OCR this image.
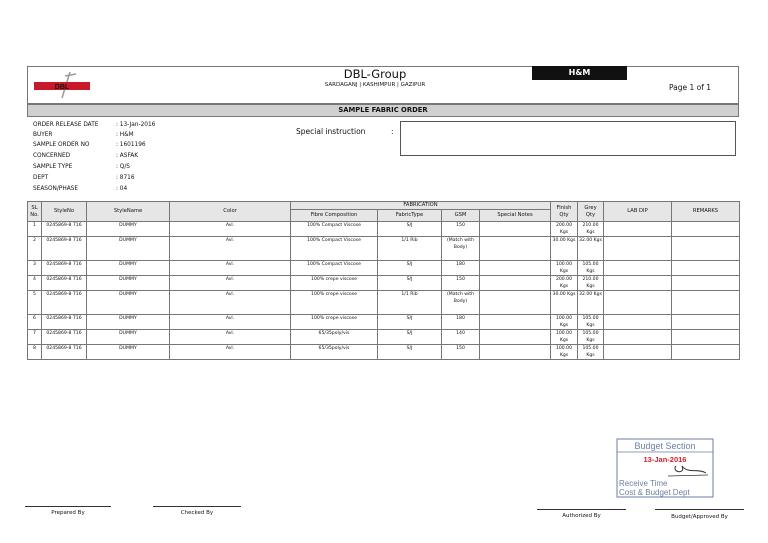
DBL
DBL-Group
SARDAGANJ | KASHIMPUR | GAZIPUR
H&M
Page 1 of 1
SAMPLE FABRIC ORDER
ORDER RELEASE DATE	: 13-Jan-2016
BUYER	: H&M
SAMPLE ORDER NO	: 1601196
CONCERNED	: ASFAK
SAMPLE TYPE	: Q/S
DEPT	: 8716
SEASON/PHASE	: 04
Special instruction	:
SL No.	StyleNo	StyleName	Color	FABRICATION				Finish Qty	Grey Qty	LAB DIP	REMARKS
				Fibre Composition	FabricType	GSM	Special Notes				
1	0245869-8 716	DUMMY	Avl.	100% Compact Viscose	S/J	150		200.00 Kgs	210.00 Kgs		
2	0245869-8 716	DUMMY	Avl.	100% Compact Viscose	1/1 Rib	(Match with Body)		30.00 Kgs	32.00 Kgs		
3	0245869-8 716	DUMMY	Avl.	100% Compact Viscose	S/J	180		100.00 Kgs	105.00 Kgs		
4	0245869-8 716	DUMMY	Avl.	100% crepe viscose	S/J	150		200.00 Kgs	210.00 Kgs		
5	0245869-8 716	DUMMY	Avl.	100% crepe viscose	1/1 Rib	(Match with Body)		30.00 Kgs	32.00 Kgs		
6	0245869-8 716	DUMMY	Avl.	100% crepe viscose	S/J	180		100.00 Kgs	105.00 Kgs		
7	0245869-8 716	DUMMY	Avl.	65/35poly/vis	S/J	140		100.00 Kgs	105.00 Kgs		
8	0245869-8 716	DUMMY	Avl.	65/35poly/vis	S/J	150		100.00 Kgs	105.00 Kgs		
Budget Section
13-Jan-2016
Receive Time
Cost & Budget Dept
Prepared By	Checked By	Authorized By	Budget/Approved By
